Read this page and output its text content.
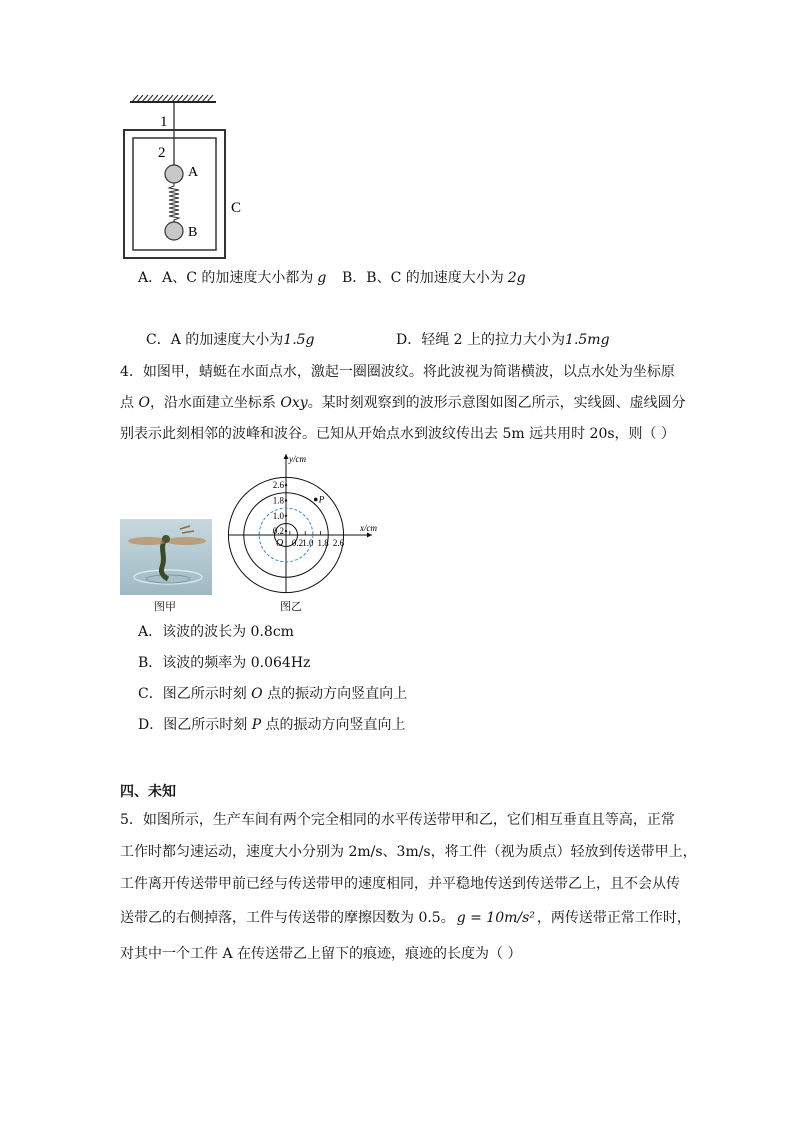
1
2
A
B
C
A．A、C 的加速度大小都为 g B．B、C 的加速度大小为 2g
C．A 的加速度大小为1.5g	D．轻绳 2 上的拉力大小为1.5mg
4．如图甲，蜻蜓在水面点水，激起一圈圈波纹。将此波视为简谐横波，以点水处为坐标原
点 O，沿水面建立坐标系 Oxy。某时刻观察到的波形示意图如图乙所示，实线圆、虚线圆分
别表示此刻相邻的波峰和波谷。已知从开始点水到波纹传出去 5m 远共用时 20s，则（ ）
图甲
2.6
1.8
1.0
0.2
0.2 1.0 1.8 2.6
y/cm
x/cm
O
P
图乙
A．该波的波长为 0.8cm
B．该波的频率为 0.064Hz
C．图乙所示时刻 O 点的振动方向竖直向上
D．图乙所示时刻 P 点的振动方向竖直向上
四、未知
5．如图所示，生产车间有两个完全相同的水平传送带甲和乙，它们相互垂直且等高，正常
工作时都匀速运动，速度大小分别为 2m/s、3m/s，将工件（视为质点）轻放到传送带甲上，
工件离开传送带甲前已经与传送带甲的速度相同，并平稳地传送到传送带乙上，且不会从传
送带乙的右侧掉落，工件与传送带的摩擦因数为 0.5。 g = 10m/s² ，两传送带正常工作时，
对其中一个工件 A 在传送带乙上留下的痕迹，痕迹的长度为（ ）
